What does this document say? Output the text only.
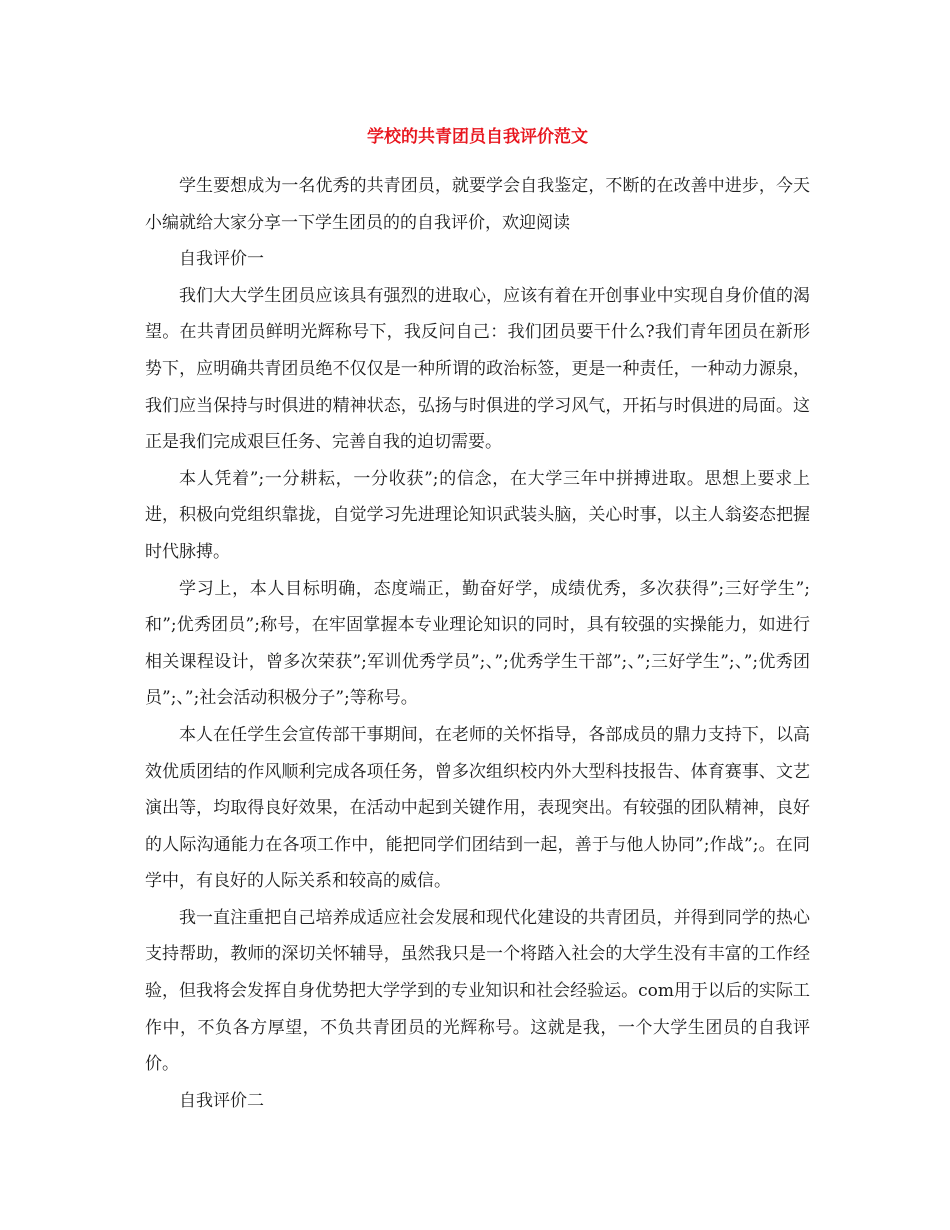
学校的共青团员自我评价范文

学生要想成为一名优秀的共青团员，就要学会自我鉴定，不断的在改善中进步，今天小编就给大家分享一下学生团员的的自我评价，欢迎阅读

自我评价一

我们大大学生团员应该具有强烈的进取心，应该有着在开创事业中实现自身价值的渴望。在共青团员鲜明光辉称号下，我反问自己：我们团员要干什么?我们青年团员在新形势下，应明确共青团员绝不仅仅是一种所谓的政治标签，更是一种责任，一种动力源泉，我们应当保持与时俱进的精神状态，弘扬与时俱进的学习风气，开拓与时俱进的局面。这正是我们完成艰巨任务、完善自我的迫切需要。

本人凭着”;一分耕耘，一分收获”;的信念，在大学三年中拼搏进取。思想上要求上进，积极向党组织靠拢，自觉学习先进理论知识武装头脑，关心时事，以主人翁姿态把握时代脉搏。

学习上，本人目标明确，态度端正，勤奋好学，成绩优秀，多次获得”;三好学生”;和”;优秀团员”;称号，在牢固掌握本专业理论知识的同时，具有较强的实操能力，如进行相关课程设计，曾多次荣获”;军训优秀学员”;、”;优秀学生干部”;、”;三好学生”;、”;优秀团员”;、”;社会活动积极分子”;等称号。

本人在任学生会宣传部干事期间，在老师的关怀指导，各部成员的鼎力支持下，以高效优质团结的作风顺利完成各项任务，曾多次组织校内外大型科技报告、体育赛事、文艺演出等，均取得良好效果，在活动中起到关键作用，表现突出。有较强的团队精神，良好的人际沟通能力在各项工作中，能把同学们团结到一起，善于与他人协同”;作战”;。在同学中，有良好的人际关系和较高的威信。

我一直注重把自己培养成适应社会发展和现代化建设的共青团员，并得到同学的热心支持帮助，教师的深切关怀辅导，虽然我只是一个将踏入社会的大学生没有丰富的工作经验，但我将会发挥自身优势把大学学到的专业知识和社会经验运。com用于以后的实际工作中，不负各方厚望，不负共青团员的光辉称号。这就是我，一个大学生团员的自我评价。

自我评价二
